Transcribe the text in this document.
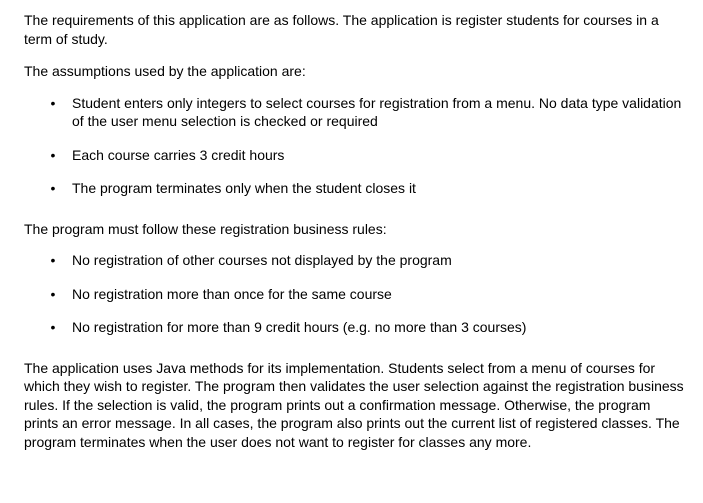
The requirements of this application are as follows. The application is register students for courses in a term of study.

The assumptions used by the application are:

• Student enters only integers to select courses for registration from a menu. No data type validation of the user menu selection is checked or required
• Each course carries 3 credit hours
• The program terminates only when the student closes it

The program must follow these registration business rules:

• No registration of other courses not displayed by the program
• No registration more than once for the same course
• No registration for more than 9 credit hours (e.g. no more than 3 courses)

The application uses Java methods for its implementation. Students select from a menu of courses for which they wish to register. The program then validates the user selection against the registration business rules. If the selection is valid, the program prints out a confirmation message. Otherwise, the program prints an error message. In all cases, the program also prints out the current list of registered classes. The program terminates when the user does not want to register for classes any more.
